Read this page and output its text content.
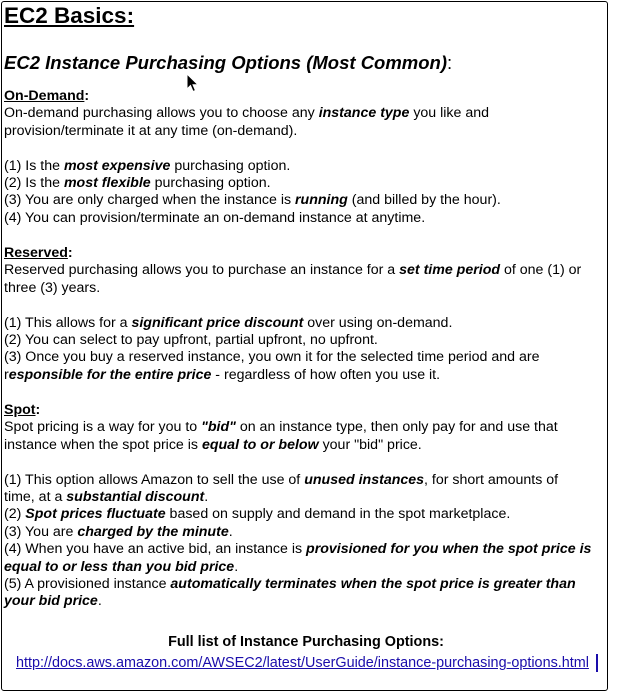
EC2 Basics:
EC2 Instance Purchasing Options (Most Common):
On-Demand:
On-demand purchasing allows you to choose any instance type you like and
provision/terminate it at any time (on-demand).

(1) Is the most expensive purchasing option.
(2) Is the most flexible purchasing option.
(3) You are only charged when the instance is running (and billed by the hour).
(4) You can provision/terminate an on-demand instance at anytime.
Reserved:
Reserved purchasing allows you to purchase an instance for a set time period of one (1) or
three (3) years.

(1) This allows for a significant price discount over using on-demand.
(2) You can select to pay upfront, partial upfront, no upfront.
(3) Once you buy a reserved instance, you own it for the selected time period and are
responsible for the entire price - regardless of how often you use it.
Spot:
Spot pricing is a way for you to "bid" on an instance type, then only pay for and use that
instance when the spot price is equal to or below your "bid" price.

(1) This option allows Amazon to sell the use of unused instances, for short amounts of
time, at a substantial discount.
(2) Spot prices fluctuate based on supply and demand in the spot marketplace.
(3) You are charged by the minute.
(4) When you have an active bid, an instance is provisioned for you when the spot price is
equal to or less than you bid price.
(5) A provisioned instance automatically terminates when the spot price is greater than
your bid price.
Full list of Instance Purchasing Options:
http://docs.aws.amazon.com/AWSEC2/latest/UserGuide/instance-purchasing-options.html
